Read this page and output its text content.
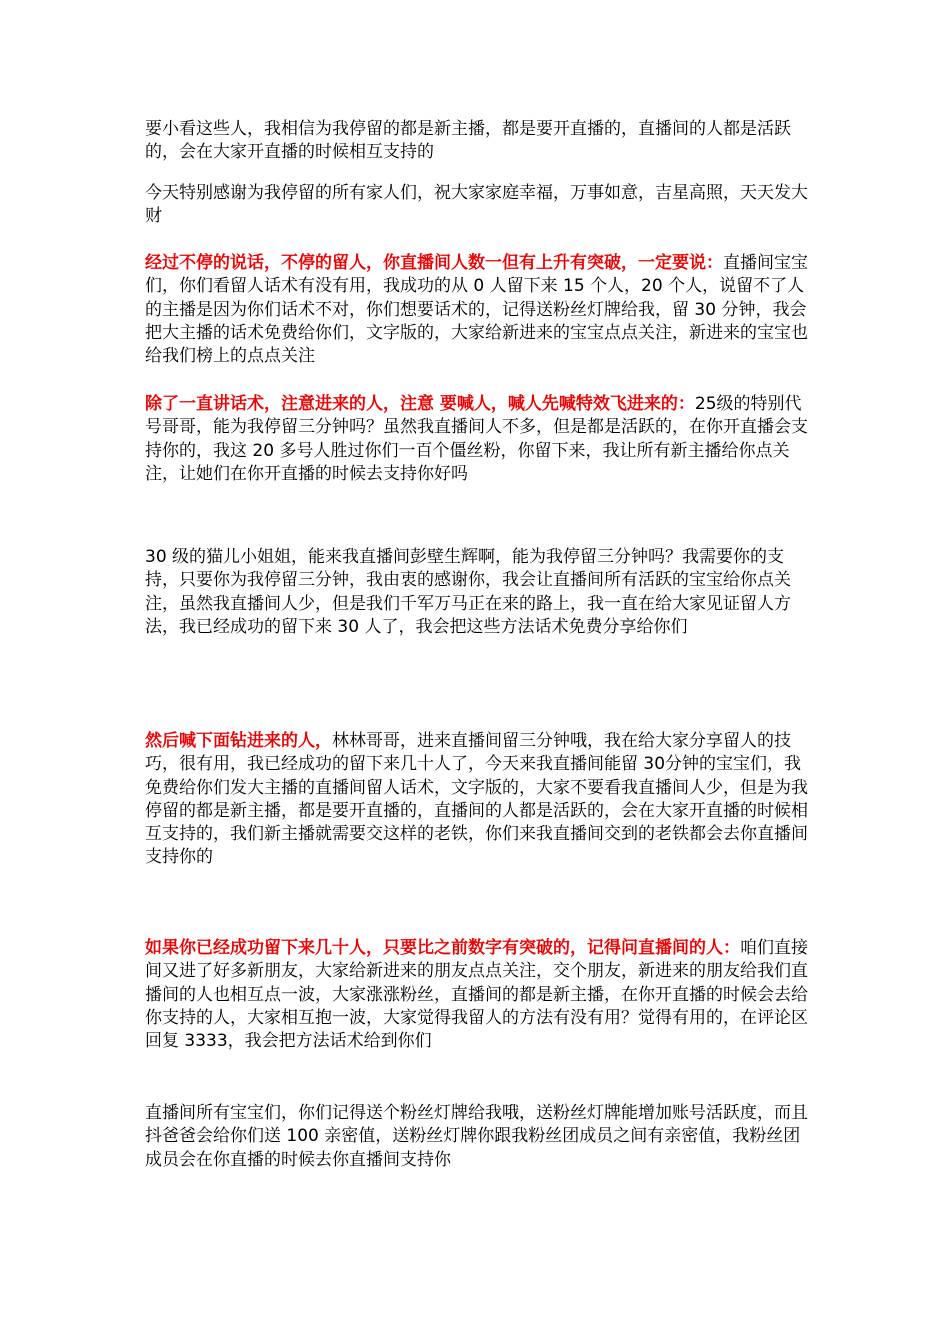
要小看这些人，我相信为我停留的都是新主播，都是要开直播的，直播间的人都是活跃的，会在大家开直播的时候相互支持的

今天特别感谢为我停留的所有家人们，祝大家家庭幸福，万事如意，吉星高照，天天发大财

经过不停的说话，不停的留人，你直播间人数一但有上升有突破，一定要说：直播间宝宝们，你们看留人话术有没有用，我成功的从 0 人留下来 15 个人，20 个人，说留不了人的主播是因为你们话术不对，你们想要话术的，记得送粉丝灯牌给我，留 30 分钟，我会把大主播的话术免费给你们，文字版的，大家给新进来的宝宝点点关注，新进来的宝宝也给我们榜上的点点关注

除了一直讲话术，注意进来的人，注意 要喊人，喊人先喊特效飞进来的：25级的特别代号哥哥，能为我停留三分钟吗？虽然我直播间人不多，但是都是活跃的，在你开直播会支持你的，我这 20 多号人胜过你们一百个僵丝粉，你留下来，我让所有新主播给你点关注，让她们在你开直播的时候去支持你好吗

30 级的猫儿小姐姐，能来我直播间彭壁生辉啊，能为我停留三分钟吗？我需要你的支持，只要你为我停留三分钟，我由衷的感谢你，我会让直播间所有活跃的宝宝给你点关注，虽然我直播间人少，但是我们千军万马正在来的路上，我一直在给大家见证留人方法，我已经成功的留下来 30 人了，我会把这些方法话术免费分享给你们

然后喊下面钻进来的人，林林哥哥，进来直播间留三分钟哦，我在给大家分享留人的技巧，很有用，我已经成功的留下来几十人了，今天来我直播间能留 30分钟的宝宝们，我免费给你们发大主播的直播间留人话术，文字版的，大家不要看我直播间人少，但是为我停留的都是新主播，都是要开直播的，直播间的人都是活跃的，会在大家开直播的时候相互支持的，我们新主播就需要交这样的老铁，你们来我直播间交到的老铁都会去你直播间支持你的

如果你已经成功留下来几十人，只要比之前数字有突破的，记得问直播间的人：咱们直接间又进了好多新朋友，大家给新进来的朋友点点关注，交个朋友，新进来的朋友给我们直播间的人也相互点一波，大家涨涨粉丝，直播间的都是新主播，在你开直播的时候会去给你支持的人，大家相互抱一波，大家觉得我留人的方法有没有用？觉得有用的，在评论区回复 3333，我会把方法话术给到你们

直播间所有宝宝们，你们记得送个粉丝灯牌给我哦，送粉丝灯牌能增加账号活跃度，而且抖爸爸会给你们送 100 亲密值，送粉丝灯牌你跟我粉丝团成员之间有亲密值，我粉丝团成员会在你直播的时候去你直播间支持你
